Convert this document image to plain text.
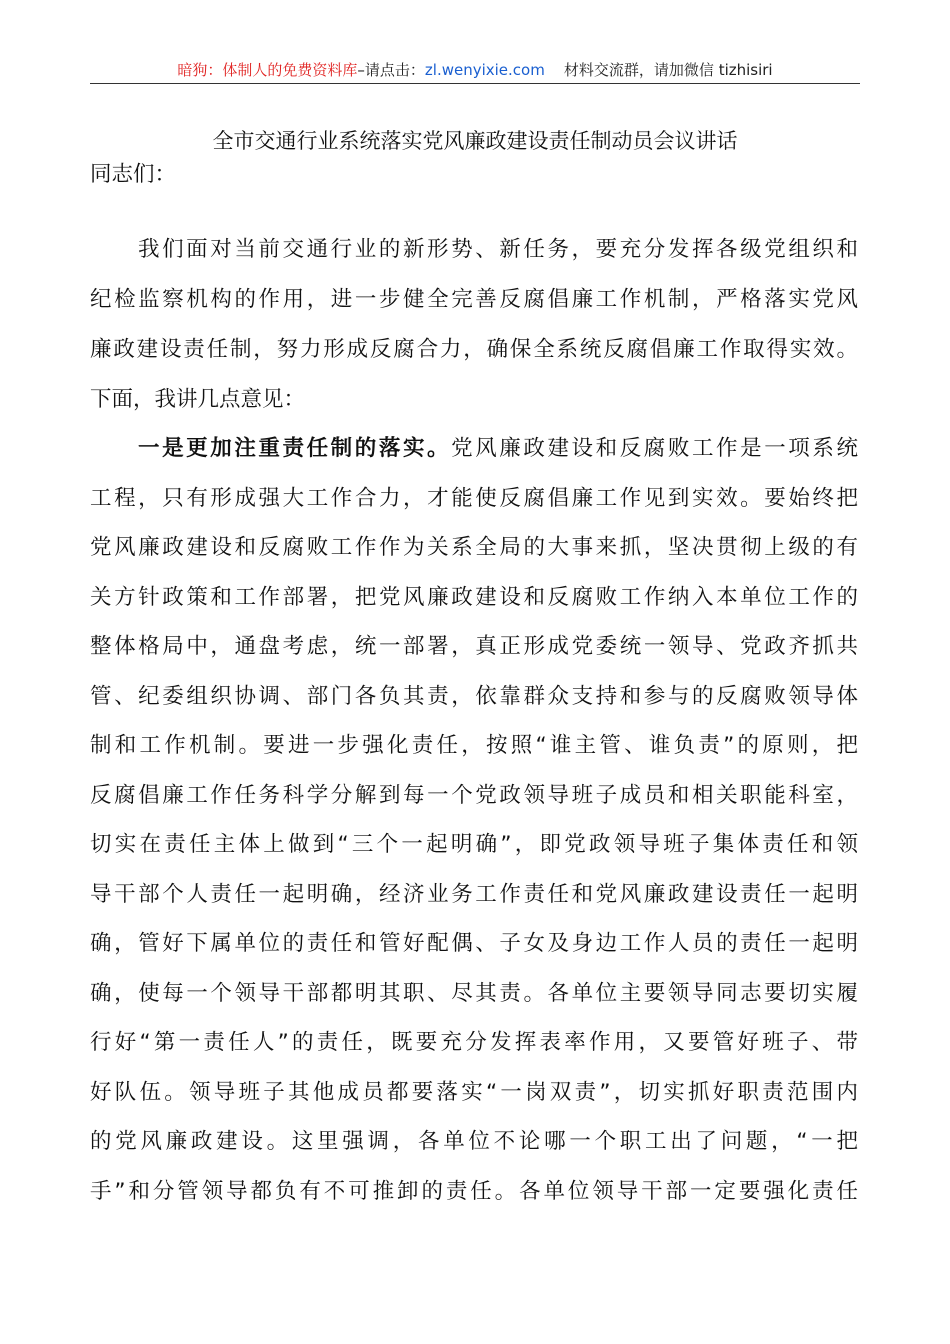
暗狗：体制人的免费资料库–请点击：zl.wenyixie.com 材料交流群，请加微信 tizhisiri
全市交通行业系统落实党风廉政建设责任制动员会议讲话
同志们：
我们面对当前交通行业的新形势、新任务，要充分发挥各级党组织和
纪检监察机构的作用，进一步健全完善反腐倡廉工作机制，严格落实党风
廉政建设责任制，努力形成反腐合力，确保全系统反腐倡廉工作取得实效。
下面，我讲几点意见：
一是更加注重责任制的落实。党风廉政建设和反腐败工作是一项系统
工程，只有形成强大工作合力，才能使反腐倡廉工作见到实效。要始终把
党风廉政建设和反腐败工作作为关系全局的大事来抓，坚决贯彻上级的有
关方针政策和工作部署，把党风廉政建设和反腐败工作纳入本单位工作的
整体格局中，通盘考虑，统一部署，真正形成党委统一领导、党政齐抓共
管、纪委组织协调、部门各负其责，依靠群众支持和参与的反腐败领导体
制和工作机制。要进一步强化责任，按照“谁主管、谁负责”的原则，把
反腐倡廉工作任务科学分解到每一个党政领导班子成员和相关职能科室，
切实在责任主体上做到“三个一起明确”，即党政领导班子集体责任和领
导干部个人责任一起明确，经济业务工作责任和党风廉政建设责任一起明
确，管好下属单位的责任和管好配偶、子女及身边工作人员的责任一起明
确，使每一个领导干部都明其职、尽其责。各单位主要领导同志要切实履
行好“第一责任人”的责任，既要充分发挥表率作用，又要管好班子、带
好队伍。领导班子其他成员都要落实“一岗双责”，切实抓好职责范围内
的党风廉政建设。这里强调，各单位不论哪一个职工出了问题，“一把
手”和分管领导都负有不可推卸的责任。各单位领导干部一定要强化责任
